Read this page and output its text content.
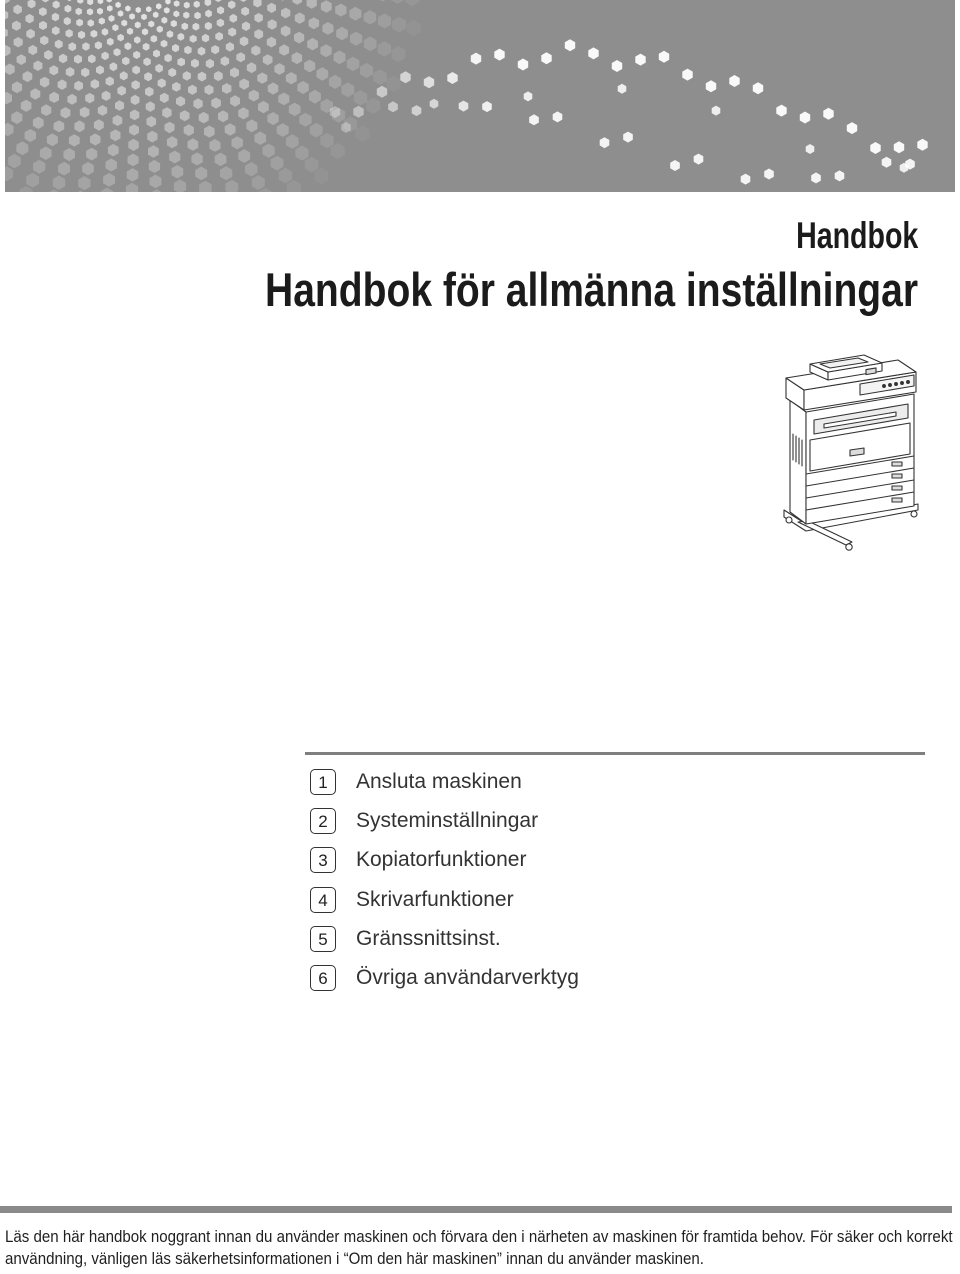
Handbok
Handbok för allmänna inställningar
1	Ansluta maskinen
2	Systeminställningar
3	Kopiatorfunktioner
4	Skrivarfunktioner
5	Gränssnittsinst.
6	Övriga användarverktyg
Läs den här handbok noggrant innan du använder maskinen och förvara den i närheten av maskinen för framtida behov. För säker och korrekt
användning, vänligen läs säkerhetsinformationen i “Om den här maskinen” innan du använder maskinen.
